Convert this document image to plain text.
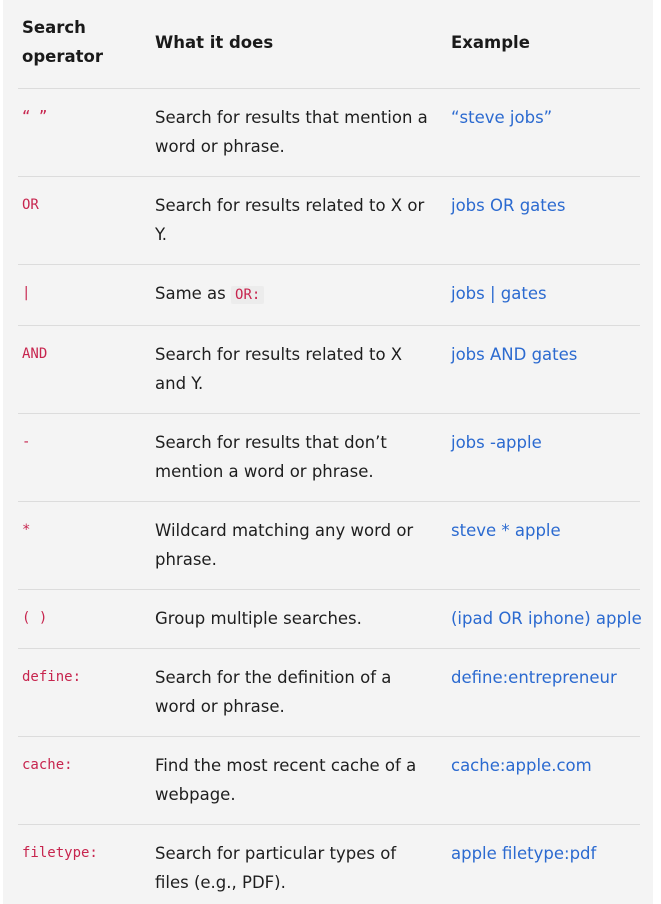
Search operator	What it does	Example
“ ”	Search for results that mention a word or phrase.	“steve jobs”
OR	Search for results related to X or Y.	jobs OR gates
|	Same as OR:	jobs | gates
AND	Search for results related to X and Y.	jobs AND gates
-	Search for results that don’t mention a word or phrase.	jobs -apple
*	Wildcard matching any word or phrase.	steve * apple
( )	Group multiple searches.	(ipad OR iphone) apple
define:	Search for the definition of a word or phrase.	define:entrepreneur
cache:	Find the most recent cache of a webpage.	cache:apple.com
filetype:	Search for particular types of files (e.g., PDF).	apple filetype:pdf
